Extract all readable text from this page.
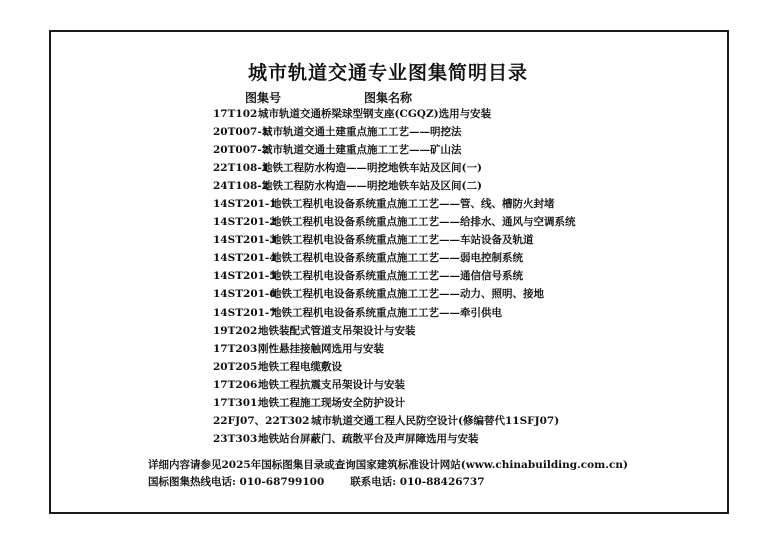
城市轨道交通专业图集简明目录
图集号	图集名称
17T102城市轨道交通桥梁球型钢支座(CGQZ)选用与安装
20T007-1城市轨道交通土建重点施工工艺——明挖法
20T007-2城市轨道交通土建重点施工工艺——矿山法
22T108-1地铁工程防水构造——明挖地铁车站及区间(一)
24T108-2地铁工程防水构造——明挖地铁车站及区间(二)
14ST201-1地铁工程机电设备系统重点施工工艺——管、线、槽防火封堵
14ST201-2地铁工程机电设备系统重点施工工艺——给排水、通风与空调系统
14ST201-3地铁工程机电设备系统重点施工工艺——车站设备及轨道
14ST201-4地铁工程机电设备系统重点施工工艺——弱电控制系统
14ST201-5地铁工程机电设备系统重点施工工艺——通信信号系统
14ST201-6地铁工程机电设备系统重点施工工艺——动力、照明、接地
14ST201-7地铁工程机电设备系统重点施工工艺——牵引供电
19T202地铁装配式管道支吊架设计与安装
17T203刚性悬挂接触网选用与安装
20T205地铁工程电缆敷设
17T206地铁工程抗震支吊架设计与安装
17T301地铁工程施工现场安全防护设计
22FJ07、22T302 城市轨道交通工程人民防空设计(修编替代11SFJ07)
23T303地铁站台屏蔽门、疏散平台及声屏障选用与安装
详细内容请参见2025年国标图集目录或查询国家建筑标准设计网站(www.chinabuilding.com.cn)
国标图集热线电话: 010-68799100 联系电话: 010-88426737
